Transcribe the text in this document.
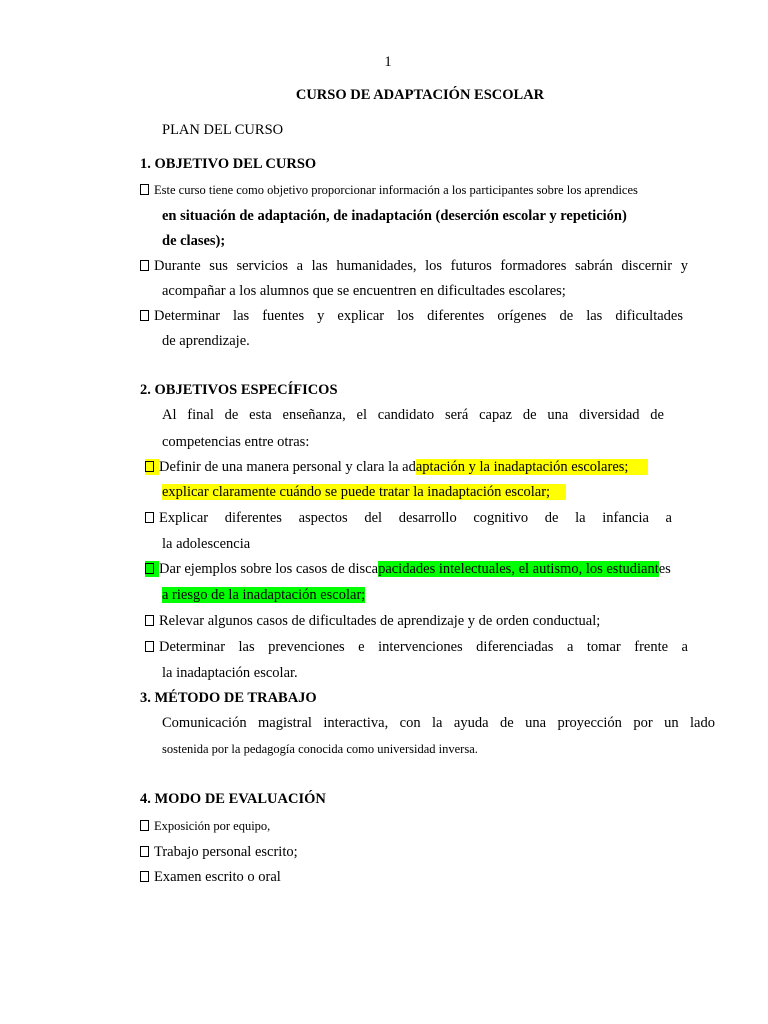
1
CURSO DE ADAPTACIÓN ESCOLAR
PLAN DEL CURSO
1. OBJETIVO DEL CURSO
Este curso tiene como objetivo proporcionar información a los participantes sobre los aprendices
en situación de adaptación, de inadaptación (deserción escolar y repetición)
de clases);
Durante sus servicios a las humanidades, los futuros formadores sabrán discernir y
acompañar a los alumnos que se encuentren en dificultades escolares;
Determinar las fuentes y explicar los diferentes orígenes de las dificultades
de aprendizaje.
2. OBJETIVOS ESPECÍFICOS
Al final de esta enseñanza, el candidato será capaz de una diversidad de
competencias entre otras:
Definir de una manera personal y clara la adaptación y la inadaptación escolares;
explicar claramente cuándo se puede tratar la inadaptación escolar;
Explicar diferentes aspectos del desarrollo cognitivo de la infancia a
la adolescencia
Dar ejemplos sobre los casos de discapacidades intelectuales, el autismo, los estudiantes
a riesgo de la inadaptación escolar;
Relevar algunos casos de dificultades de aprendizaje y de orden conductual;
Determinar las prevenciones e intervenciones diferenciadas a tomar frente a
la inadaptación escolar.
3. MÉTODO DE TRABAJO
Comunicación magistral interactiva, con la ayuda de una proyección por un lado
sostenida por la pedagogía conocida como universidad inversa.
4. MODO DE EVALUACIÓN
Exposición por equipo,
Trabajo personal escrito;
Examen escrito o oral
